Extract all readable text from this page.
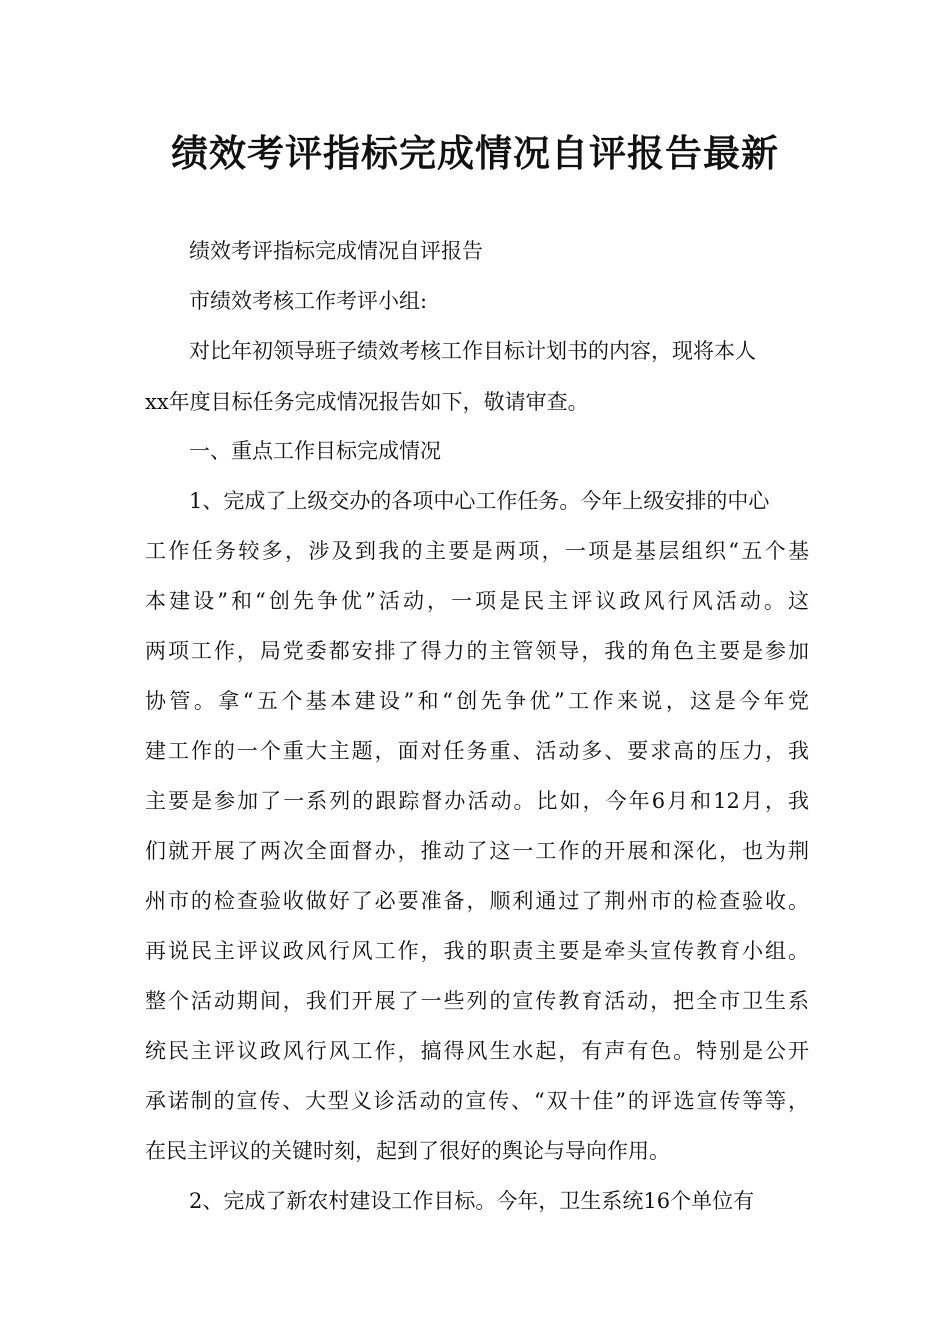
绩效考评指标完成情况自评报告最新
绩效考评指标完成情况自评报告
市绩效考核工作考评小组:
对比年初领导班子绩效考核工作目标计划书的内容，现将本人
xx年度目标任务完成情况报告如下，敬请审查。
一、重点工作目标完成情况
1、完成了上级交办的各项中心工作任务。今年上级安排的中心
工作任务较多，涉及到我的主要是两项，一项是基层组织“五个基
本建设”和“创先争优”活动，一项是民主评议政风行风活动。这
两项工作，局党委都安排了得力的主管领导，我的角色主要是参加
协管。拿“五个基本建设”和“创先争优”工作来说，这是今年党
建工作的一个重大主题，面对任务重、活动多、要求高的压力，我
主要是参加了一系列的跟踪督办活动。比如，今年6月和12月，我
们就开展了两次全面督办，推动了这一工作的开展和深化，也为荆
州市的检查验收做好了必要准备，顺利通过了荆州市的检查验收。
再说民主评议政风行风工作，我的职责主要是牵头宣传教育小组。
整个活动期间，我们开展了一些列的宣传教育活动，把全市卫生系
统民主评议政风行风工作，搞得风生水起，有声有色。特别是公开
承诺制的宣传、大型义诊活动的宣传、“双十佳”的评选宣传等等，
在民主评议的关键时刻，起到了很好的舆论与导向作用。
2、完成了新农村建设工作目标。今年，卫生系统16个单位有
